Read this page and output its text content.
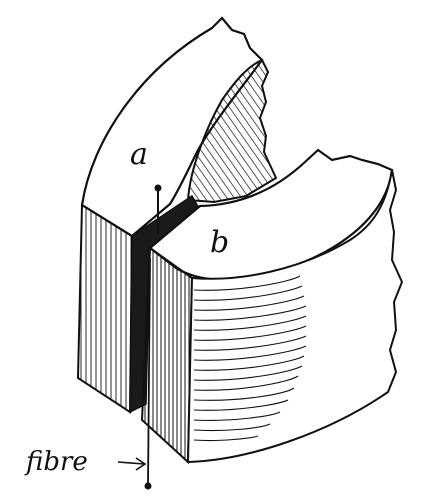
a
b
fibre
